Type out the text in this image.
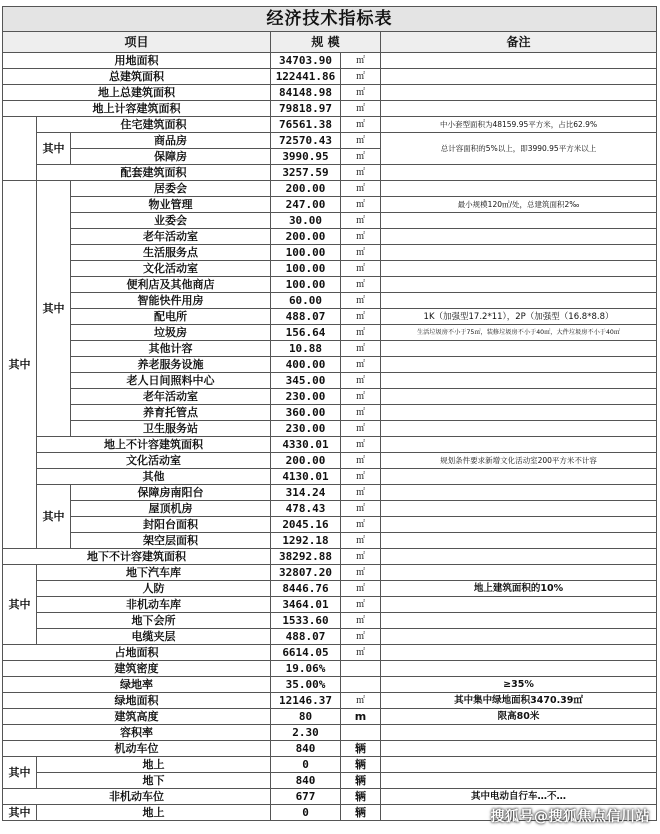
经济技术指标表					
项目			规 模		备注
用地面积			34703.90	㎡	
总建筑面积			122441.86	㎡	
地上总建筑面积			84148.98	㎡	
地上计容建筑面积			79818.97	㎡	
	住宅建筑面积		76561.38	㎡	中小套型面积为48159.95平方米，占比62.9%
	其中	商品房	72570.43	㎡	总计容面积的5%以上，即3990.95平方米以上
		保障房	3990.95	㎡	
	配套建筑面积		3257.59	㎡	
其中	其中	居委会	200.00	㎡	
		物业管理	247.00	㎡	最小规模120㎡/处，总建筑面积2‰
		业委会	30.00	㎡	
		老年活动室	200.00	㎡	
		生活服务点	100.00	㎡	
		文化活动室	100.00	㎡	
		便利店及其他商店	100.00	㎡	
		智能快件用房	60.00	㎡	
		配电所	488.07	㎡	1K（加强型17.2*11），2P（加强型（16.8*8.8）
		垃圾房	156.64	㎡	生活垃圾房不小于75㎡，装修垃圾房不小于40㎡，大件垃圾房不小于40㎡
		其他计容	10.88	㎡	
		养老服务设施	400.00	㎡	
		老人日间照料中心	345.00	㎡	
		老年活动室	230.00	㎡	
		养育托管点	360.00	㎡	
		卫生服务站	230.00	㎡	
	地上不计容建筑面积		4330.01	㎡	
	文化活动室		200.00	㎡	规划条件要求新增文化活动室200平方米不计容
	其他		4130.01	㎡	
	其中	保障房南阳台	314.24	㎡	
		屋顶机房	478.43	㎡	
		封阳台面积	2045.16	㎡	
		架空层面积	1292.18	㎡	
地下不计容建筑面积			38292.88	㎡	
其中	地下汽车库		32807.20	㎡	
	人防		8446.76	㎡	地上建筑面积的10%
	非机动车库		3464.01	㎡	
	地下会所		1533.60	㎡	
	电缆夹层		488.07	㎡	
占地面积			6614.05	㎡	
建筑密度			19.06%		
绿地率			35.00%		≥35%
绿地面积			12146.37	㎡	其中集中绿地面积3470.39㎡
建筑高度			80	m	限高80米
容积率			2.30		
机动车位			840	辆	
其中	地上		0	辆	
	地下		840	辆	
非机动车位			677	辆	其中电动自行车…不…
其中	地上		0	辆		搜狐号@搜狐焦点信川站
